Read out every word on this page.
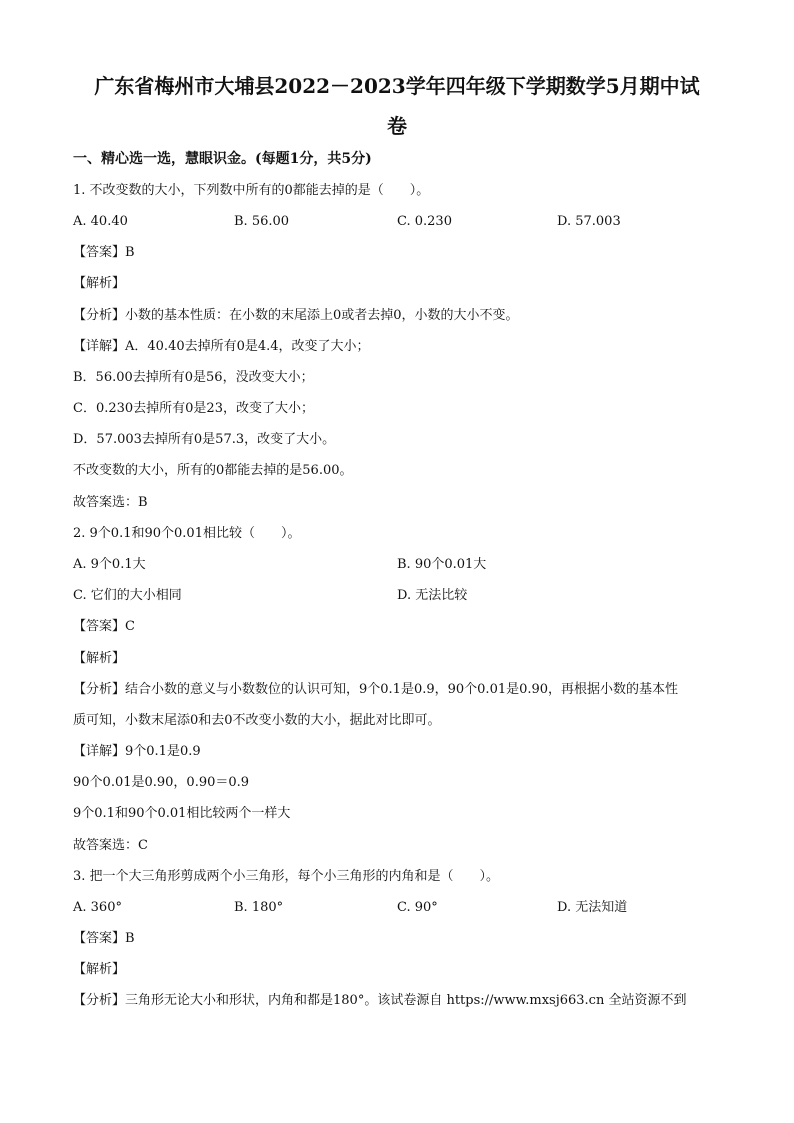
广东省梅州市大埔县2022－2023学年四年级下学期数学5月期中试
卷
一、精心选一选，慧眼识金。(每题1分，共5分)
1. 不改变数的大小，下列数中所有的0都能去掉的是（　　）。
A. 40.40	B. 56.00	C. 0.230	D. 57.003
【答案】B
【解析】
【分析】小数的基本性质：在小数的末尾添上0或者去掉0，小数的大小不变。
【详解】A．40.40去掉所有0是4.4，改变了大小；
B．56.00去掉所有0是56，没改变大小；
C．0.230去掉所有0是23，改变了大小；
D．57.003去掉所有0是57.3，改变了大小。
不改变数的大小，所有的0都能去掉的是56.00。
故答案选：B
2. 9个0.1和90个0.01相比较（　　）。
A. 9个0.1大	B. 90个0.01大
C. 它们的大小相同	D. 无法比较
【答案】C
【解析】
【分析】结合小数的意义与小数数位的认识可知，9个0.1是0.9，90个0.01是0.90，再根据小数的基本性
质可知，小数末尾添0和去0不改变小数的大小，据此对比即可。
【详解】9个0.1是0.9
90个0.01是0.90，0.90＝0.9
9个0.1和90个0.01相比较两个一样大
故答案选：C
3. 把一个大三角形剪成两个小三角形，每个小三角形的内角和是（　　）。
A. 360°	B. 180°	C. 90°	D. 无法知道
【答案】B
【解析】
【分析】三角形无论大小和形状，内角和都是180°。该试卷源自 https://www.mxsj663.cn 全站资源不到
